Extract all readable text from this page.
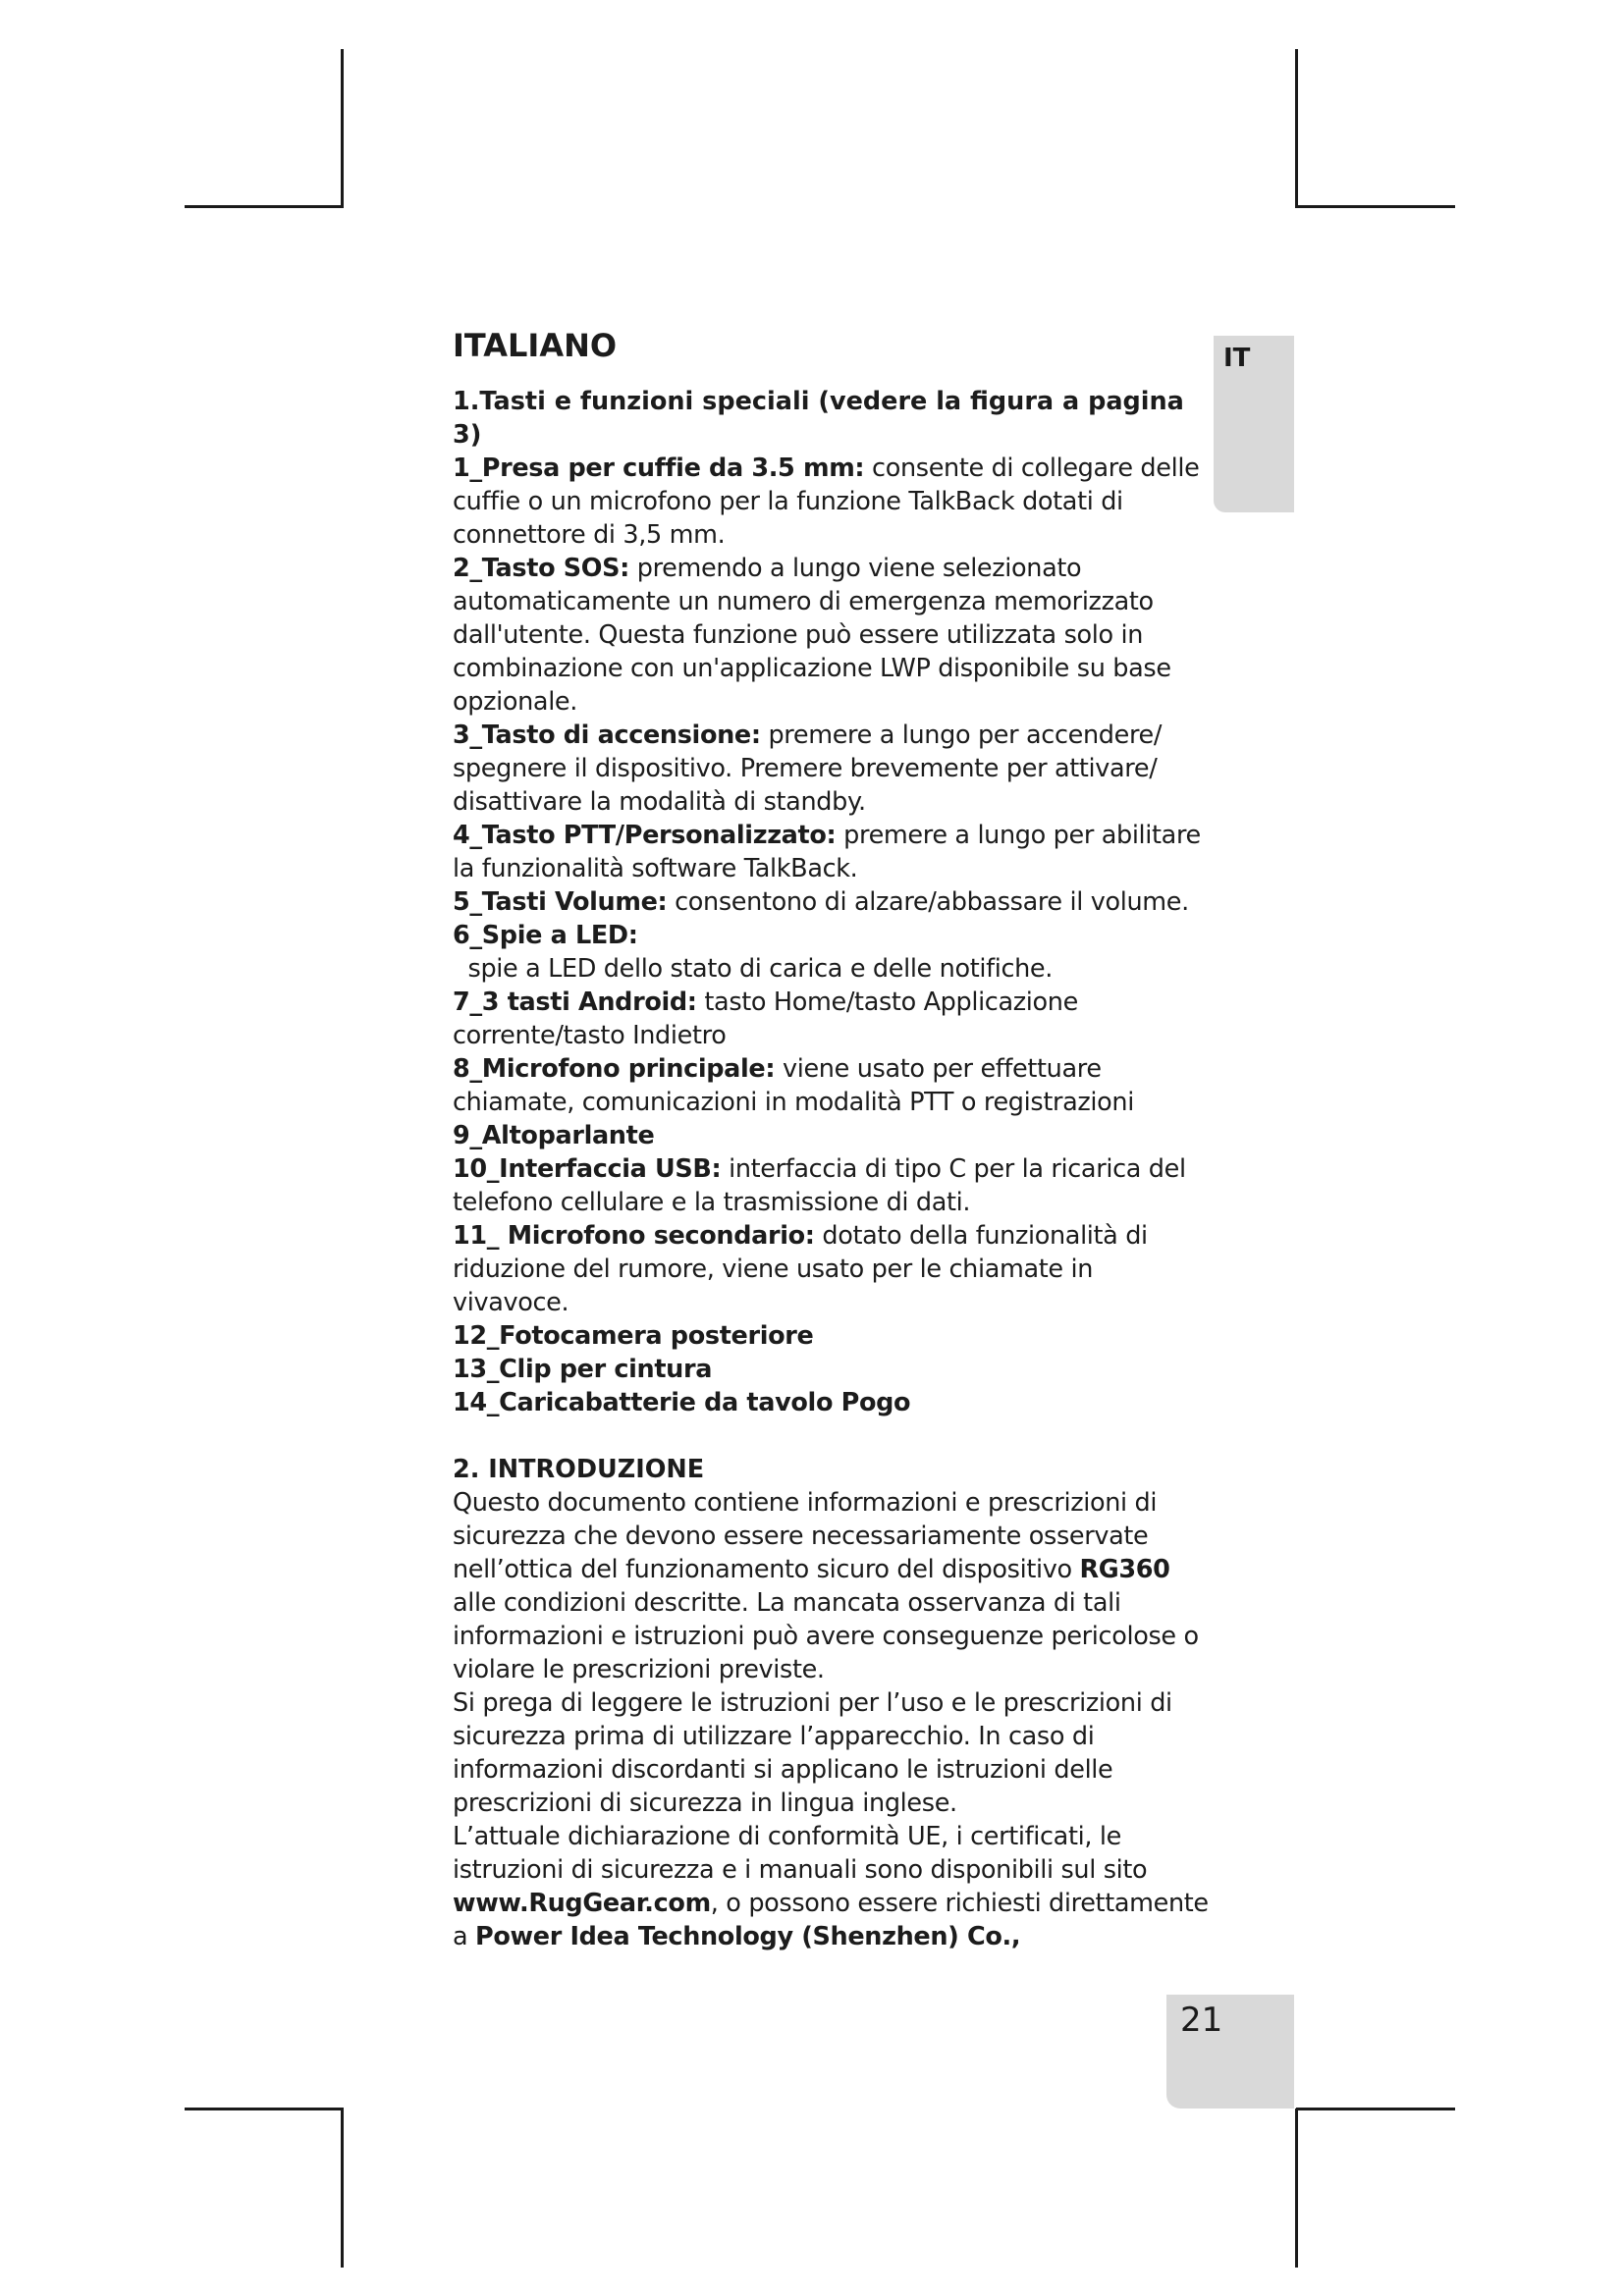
IT
ITALIANO
1.Tasti e funzioni speciali (vedere la figura a pagina 3)
1_Presa per cuffie da 3.5 mm: consente di collegare delle cuffie o un microfono per la funzione TalkBack dotati di connettore di 3,5 mm.
2_Tasto SOS: premendo a lungo viene selezionato automaticamente un numero di emergenza memorizzato dall'utente. Questa funzione può essere utilizzata solo in combinazione con un'applicazione LWP disponibile su base opzionale.
3_Tasto di accensione: premere a lungo per accendere/ spegnere il dispositivo. Premere brevemente per attivare/ disattivare la modalità di standby.
4_Tasto PTT/Personalizzato: premere a lungo per abilitare la funzionalità software TalkBack.
5_Tasti Volume: consentono di alzare/abbassare il volume.
6_Spie a LED:  spie a LED dello stato di carica e delle notifiche.
7_3 tasti Android: tasto Home/tasto Applicazione corrente/tasto Indietro
8_Microfono principale: viene usato per effettuare chiamate, comunicazioni in modalità PTT o registrazioni
9_Altoparlante
10_Interfaccia USB: interfaccia di tipo C per la ricarica del telefono cellulare e la trasmissione di dati.
11_ Microfono secondario: dotato della funzionalità di riduzione del rumore, viene usato per le chiamate in vivavoce.
12_Fotocamera posteriore
13_Clip per cintura
14_Caricabatterie da tavolo Pogo
2. INTRODUZIONE
Questo documento contiene informazioni e prescrizioni di sicurezza che devono essere necessariamente osservate nell’ottica del funzionamento sicuro del dispositivo RG360 alle condizioni descritte. La mancata osservanza di tali informazioni e istruzioni può avere conseguenze pericolose o violare le prescrizioni previste.
Si prega di leggere le istruzioni per l’uso e le prescrizioni di sicurezza prima di utilizzare l’apparecchio. In caso di informazioni discordanti si applicano le istruzioni delle prescrizioni di sicurezza in lingua inglese.
L’attuale dichiarazione di conformità UE, i certificati, le istruzioni di sicurezza e i manuali sono disponibili sul sito www.RugGear.com, o possono essere richiesti direttamente a Power Idea Technology (Shenzhen) Co.,
21
